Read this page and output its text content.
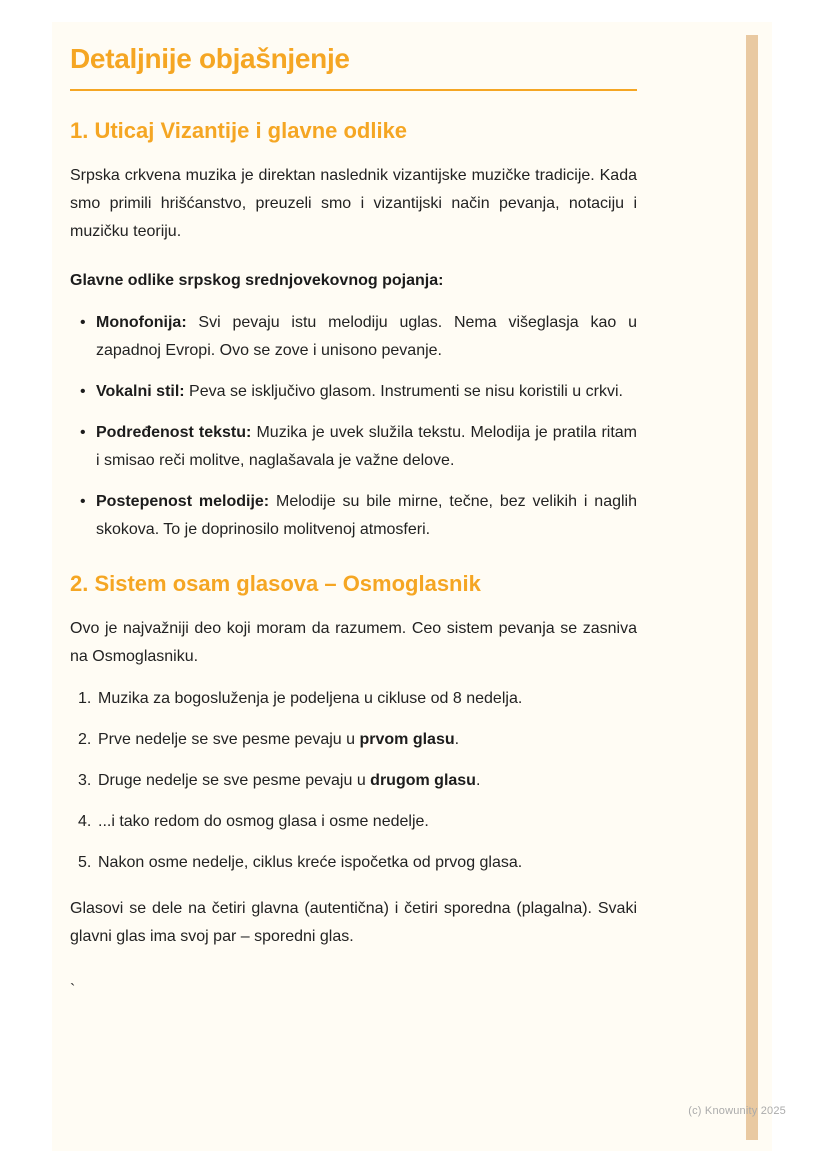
Detaljnije objašnjenje
1. Uticaj Vizantije i glavne odlike

Srpska crkvena muzika je direktan naslednik vizantijske muzičke tradicije. Kada smo primili hrišćanstvo, preuzeli smo i vizantijski način pevanja, notaciju i muzičku teoriju.

Glavne odlike srpskog srednjovekovnog pojanja:

• Monofonija: Svi pevaju istu melodiju uglas. Nema višeglasja kao u zapadnoj Evropi. Ovo se zove i unisono pevanje.
• Vokalni stil: Peva se isključivo glasom. Instrumenti se nisu koristili u crkvi.
• Podređenost tekstu: Muzika je uvek služila tekstu. Melodija je pratila ritam i smisao reči molitve, naglašavala je važne delove.
• Postepenost melodije: Melodije su bile mirne, tečne, bez velikih i naglih skokova. To je doprinosilo molitvenoj atmosferi.
2. Sistem osam glasova – Osmoglasnik

Ovo je najvažniji deo koji moram da razumem. Ceo sistem pevanja se zasniva na Osmoglasniku.

1. Muzika za bogosluženja je podeljena u cikluse od 8 nedelja.
2. Prve nedelje se sve pesme pevaju u prvom glasu.
3. Druge nedelje se sve pesme pevaju u drugom glasu.
4. ...i tako redom do osmog glasa i osme nedelje.
5. Nakon osme nedelje, ciklus kreće ispočetka od prvog glasa.

Glasovi se dele na četiri glavna (autentična) i četiri sporedna (plagalna). Svaki glavni glas ima svoj par – sporedni glas.

`

(c) Knowunity 2025
